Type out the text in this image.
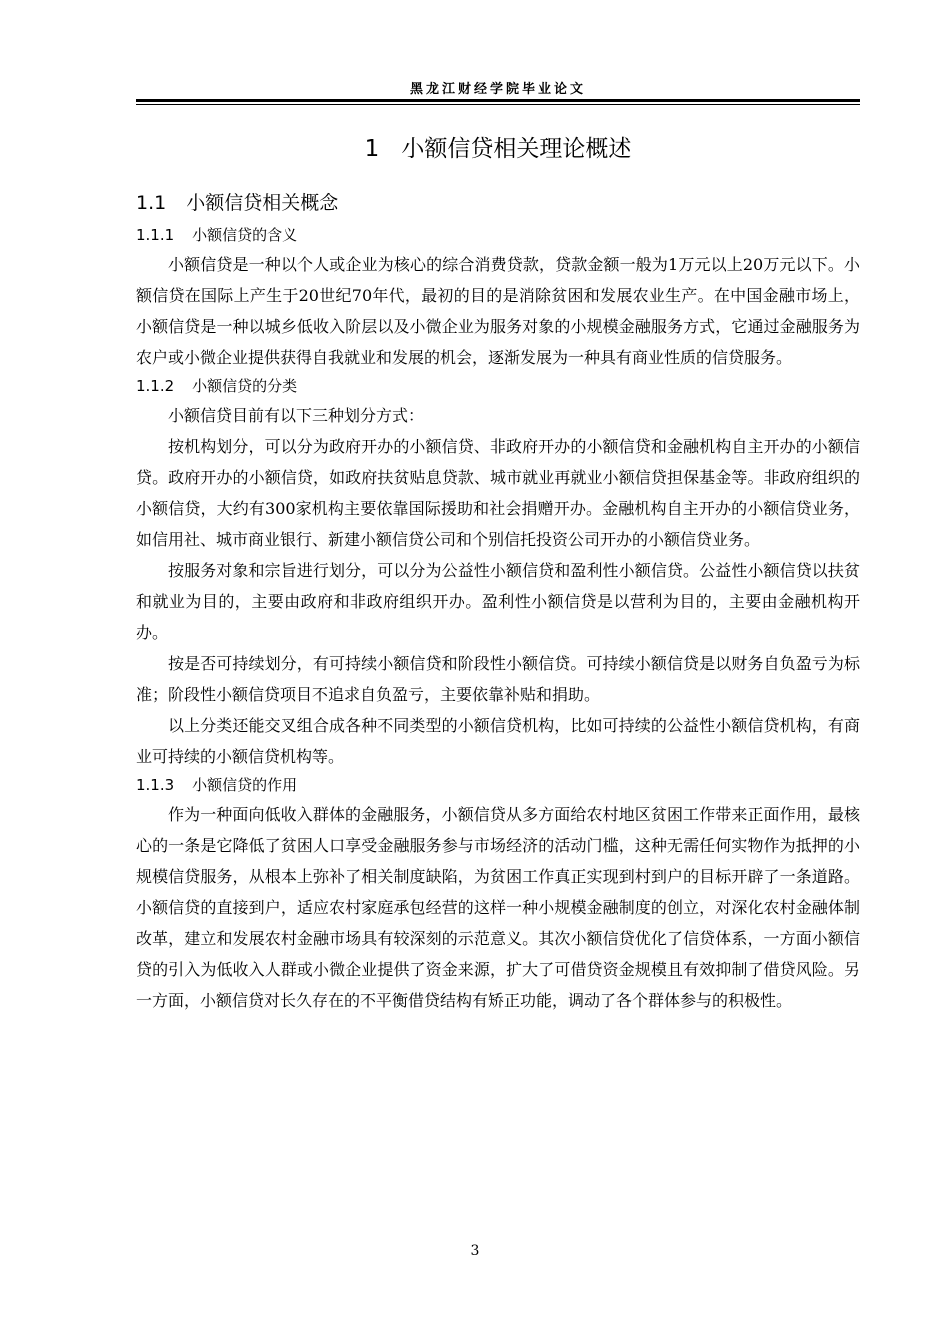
黑龙江财经学院毕业论文
1 小额信贷相关理论概述
1.1 小额信贷相关概念
1.1.1 小额信贷的含义

小额信贷是一种以个人或企业为核心的综合消费贷款，贷款金额一般为1万元以上20万元以下。小额信贷在国际上产生于20世纪70年代，最初的目的是消除贫困和发展农业生产。在中国金融市场上，小额信贷是一种以城乡低收入阶层以及小微企业为服务对象的小规模金融服务方式，它通过金融服务为农户或小微企业提供获得自我就业和发展的机会，逐渐发展为一种具有商业性质的信贷服务。

1.1.2 小额信贷的分类

小额信贷目前有以下三种划分方式：

按机构划分，可以分为政府开办的小额信贷、非政府开办的小额信贷和金融机构自主开办的小额信贷。政府开办的小额信贷，如政府扶贫贴息贷款、城市就业再就业小额信贷担保基金等。非政府组织的小额信贷，大约有300家机构主要依靠国际援助和社会捐赠开办。金融机构自主开办的小额信贷业务，如信用社、城市商业银行、新建小额信贷公司和个别信托投资公司开办的小额信贷业务。

按服务对象和宗旨进行划分，可以分为公益性小额信贷和盈利性小额信贷。公益性小额信贷以扶贫和就业为目的，主要由政府和非政府组织开办。盈利性小额信贷是以营利为目的，主要由金融机构开办。

按是否可持续划分，有可持续小额信贷和阶段性小额信贷。可持续小额信贷是以财务自负盈亏为标准；阶段性小额信贷项目不追求自负盈亏，主要依靠补贴和捐助。

以上分类还能交叉组合成各种不同类型的小额信贷机构，比如可持续的公益性小额信贷机构，有商业可持续的小额信贷机构等。

1.1.3 小额信贷的作用

作为一种面向低收入群体的金融服务，小额信贷从多方面给农村地区贫困工作带来正面作用，最核心的一条是它降低了贫困人口享受金融服务参与市场经济的活动门槛，这种无需任何实物作为抵押的小规模信贷服务，从根本上弥补了相关制度缺陷，为贫困工作真正实现到村到户的目标开辟了一条道路。小额信贷的直接到户，适应农村家庭承包经营的这样一种小规模金融制度的创立，对深化农村金融体制改革，建立和发展农村金融市场具有较深刻的示范意义。其次小额信贷优化了信贷体系，一方面小额信贷的引入为低收入人群或小微企业提供了资金来源，扩大了可借贷资金规模且有效抑制了借贷风险。另一方面，小额信贷对长久存在的不平衡借贷结构有矫正功能，调动了各个群体参与的积极性。

3
